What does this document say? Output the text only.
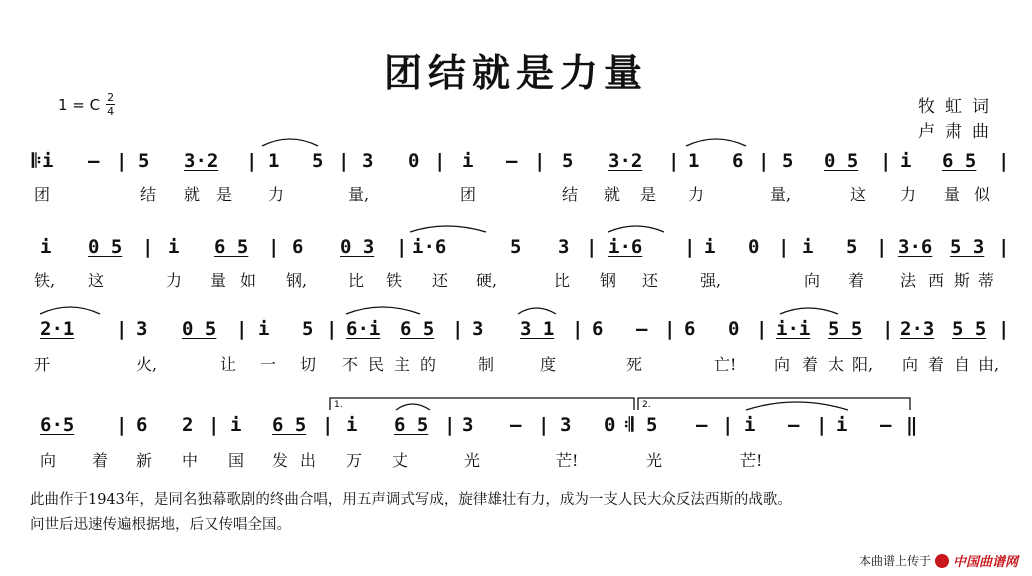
团结就是力量
1 = C $\frac{2}{4}$	牧虹词
卢肃曲
𝄆 i – | 5 3·2 | 1 5 | 3 0 | i – | 5 3·2 | 1 6 | 5 0 5 | i 6 5 |
团	结 就 是 力	量,	团	结 就 是 力	量,	这 力 量 似
i 0 5 | i 6 5 | 6 0 3 | i·6	5 3 | i·6 | i 0 | i 5 | 3·6 5 3 |
铁, 这	力 量 如 钢,	比 铁 还 硬,	比 钢 还	强,	向 着 法 西 斯 蒂
2·1 | 3 0 5 | i 5 | 6·i 6 5 | 3 3 1 | 6 – | 6 0 | i·i 5 5 | 2·3 5 5 |
开	火,	让 一 切 不 民 主 的	制	度	死	亡! 向 着 太 阳, 向 着 自 由,
6·5 | 6 2 | i 6 5 | i 6 5 | 3 – | 3 0 𝄇 5 – | i – | i – ‖
向 着 新 中 国 发 出 万 丈	光	芒!	光	芒!
1.	2.
此曲作于1943年，是同名独幕歌剧的终曲合唱，用五声调式写成，旋律雄壮有力，成为一支人民大众反法西斯的战歌。
问世后迅速传遍根据地，后又传唱全国。
本曲谱上传于 中国曲谱网
